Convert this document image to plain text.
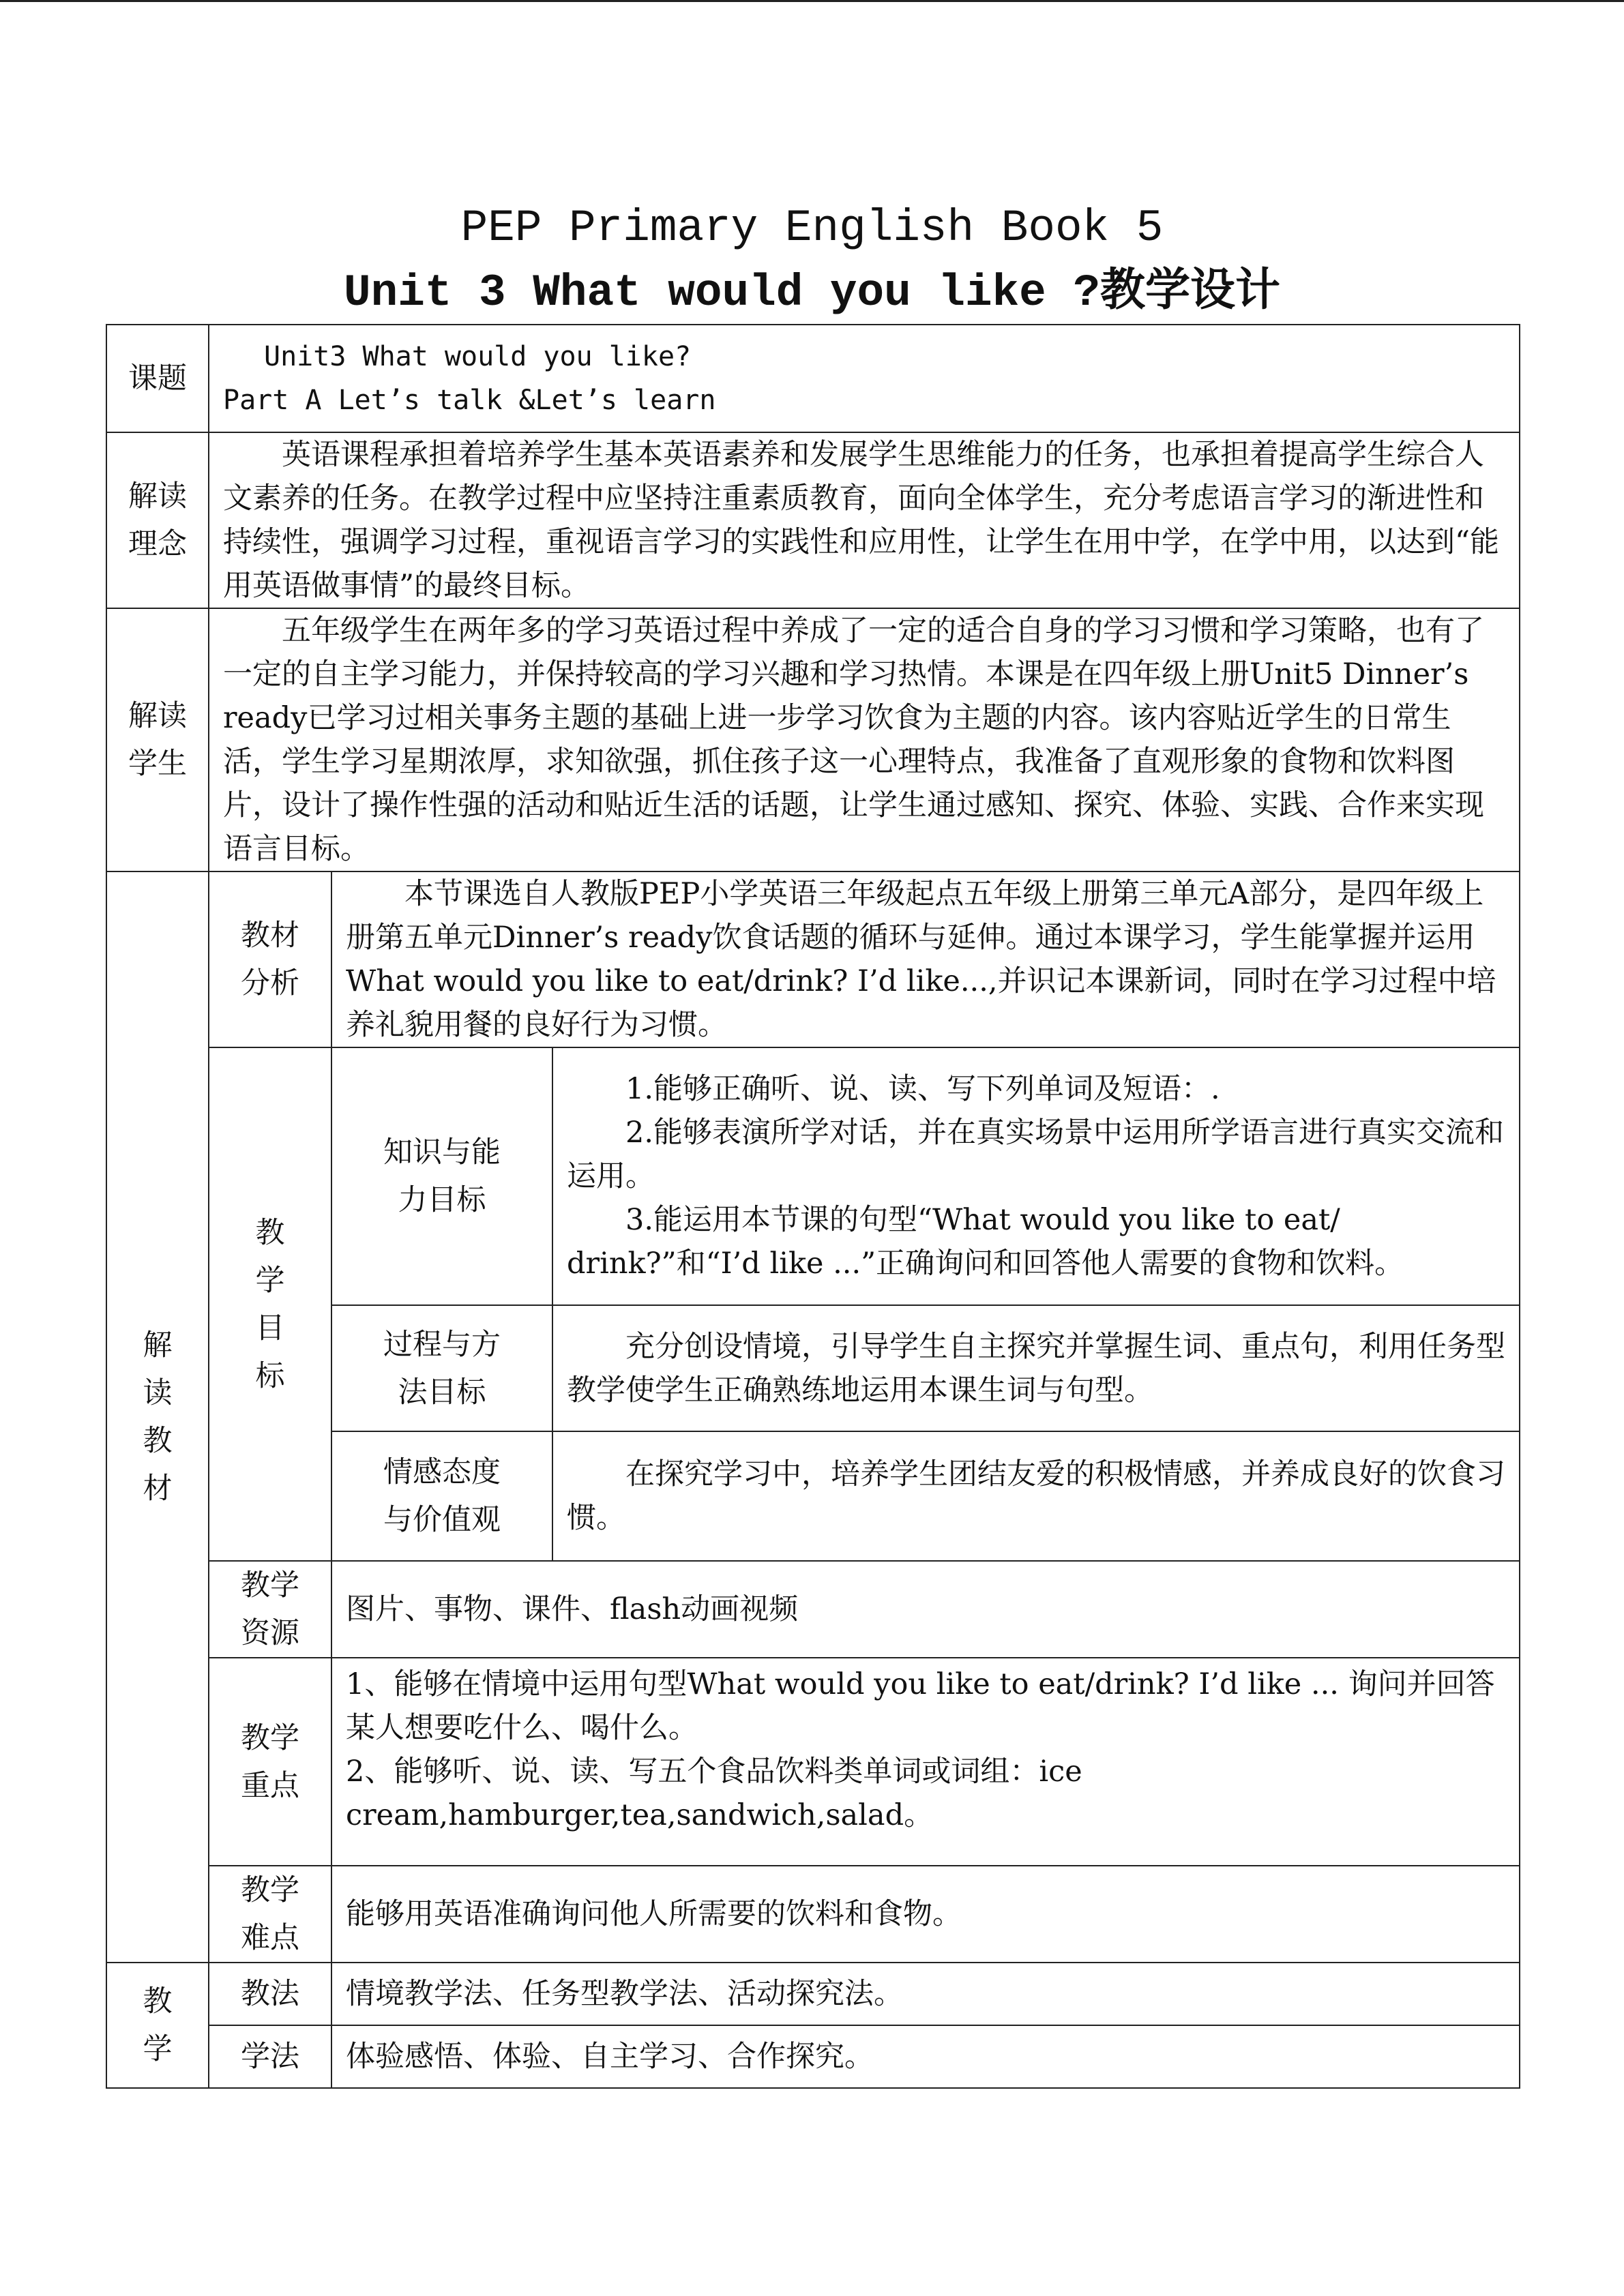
PEP Primary English Book 5
Unit 3 What would you like ?教学设计
课题	Unit3 What would you like?

Part A Let’s talk &Let’s learn		

解读理念	英语课程承担着培养学生基本英语素养和发展学生思维能力的任务，也承担着提高学生综合人文素养的任务。在教学过程中应坚持注重素质教育，面向全体学生，充分考虑语言学习的渐进性和持续性，强调学习过程，重视语言学习的实践性和应用性，让学生在用中学，在学中用，以达到“能用英语做事情”的最终目标。		
解读学生	五年级学生在两年多的学习英语过程中养成了一定的适合自身的学习习惯和学习策略，也有了一定的自主学习能力，并保持较高的学习兴趣和学习热情。本课是在四年级上册Unit5 Dinner’s ready已学习过相关事务主题的基础上进一步学习饮食为主题的内容。该内容贴近学生的日常生活，学生学习星期浓厚，求知欲强，抓住孩子这一心理特点，我准备了直观形象的食物和饮料图片，设计了操作性强的活动和贴近生活的话题，让学生通过感知、探究、体验、实践、合作来实现语言目标。		
解读教材	教材分析	本节课选自人教版PEP小学英语三年级起点五年级上册第三单元A部分，是四年级上册第五单元Dinner’s ready饮食话题的循环与延伸。通过本课学习，学生能掌握并运用What would you like to eat/drink? I’d like...,并识记本课新词，同时在学习过程中培养礼貌用餐的良好行为习惯。	
	教学目标	知识与能力目标	1.能够正确听、说、读、写下列单词及短语：.

2.能够表演所学对话，并在真实场景中运用所学语言进行真实交流和运用。

3.能运用本节课的句型“What would you like to eat/ drink?”和“I’d like ...”正确询问和回答他人需要的食物和饮料。

		过程与方法目标	充分创设情境，引导学生自主探究并掌握生词、重点句，利用任务型教学使学生正确熟练地运用本课生词与句型。
		情感态度与价值观	在探究学习中，培养学生团结友爱的积极情感，并养成良好的饮食习惯。
	教学资源	图片、事物、课件、flash动画视频	
	教学重点	1、能够在情境中运用句型What would you like to eat/drink? I’d like ... 询问并回答某人想要吃什么、喝什么。

2、能够听、说、读、写五个食品饮料类单词或词组：ice cream,hamburger,tea,sandwich,salad。	

	教学难点	能够用英语准确询问他人所需要的饮料和食物。	
教学	教法	情境教学法、任务型教学法、活动探究法。	
	学法	体验感悟、体验、自主学习、合作探究。	
